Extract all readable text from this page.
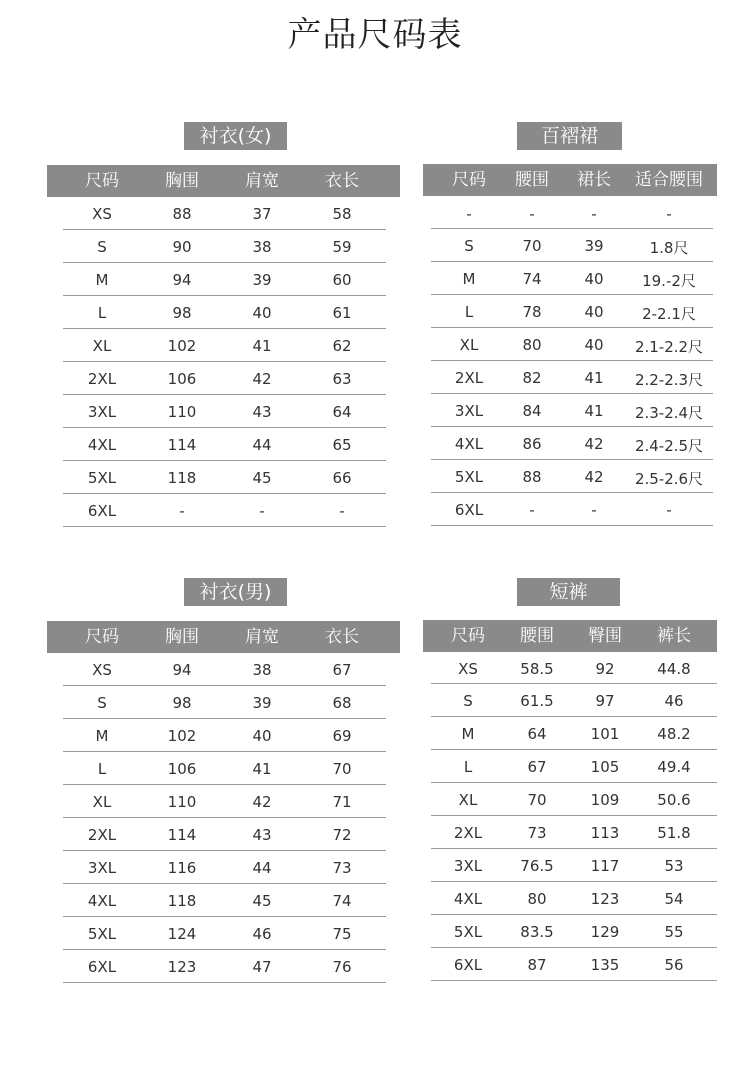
产品尺码表
衬衣(女)
尺码	胸围	肩宽	衣长
XS	88	37	58
S	90	38	59
M	94	39	60
L	98	40	61
XL	102	41	62
2XL	106	42	63
3XL	110	43	64
4XL	114	44	65
5XL	118	45	66
6XL	-	-	-
百褶裙
尺码 腰围 裙长 适合腰围
-	-	-	-
S	70	39	1.8尺
M	74	40	19.-2尺
L	78	40	2-2.1尺
XL	80	40 2.1-2.2尺
2XL	82	41 2.2-2.3尺
3XL	84	41 2.3-2.4尺
4XL	86	42 2.4-2.5尺
5XL	88	42 2.5-2.6尺
6XL	-	-	-
衬衣(男)
尺码	胸围	肩宽	衣长
XS	94	38	67
S	98	39	68
M	102	40	69
L	106	41	70
XL	110	42	71
2XL	114	43	72
3XL	116	44	73
4XL	118	45	74
5XL	124	46	75
6XL	123	47	76
短裤
尺码 腰围 臀围 裤长
XS	58.5	92	44.8
S	61.5	97	46
M	64	101	48.2
L	67	105	49.4
XL	70	109	50.6
2XL	73	113	51.8
3XL	76.5 117	53
4XL	80	123	54
5XL	83.5 129	55
6XL	87	135	56
